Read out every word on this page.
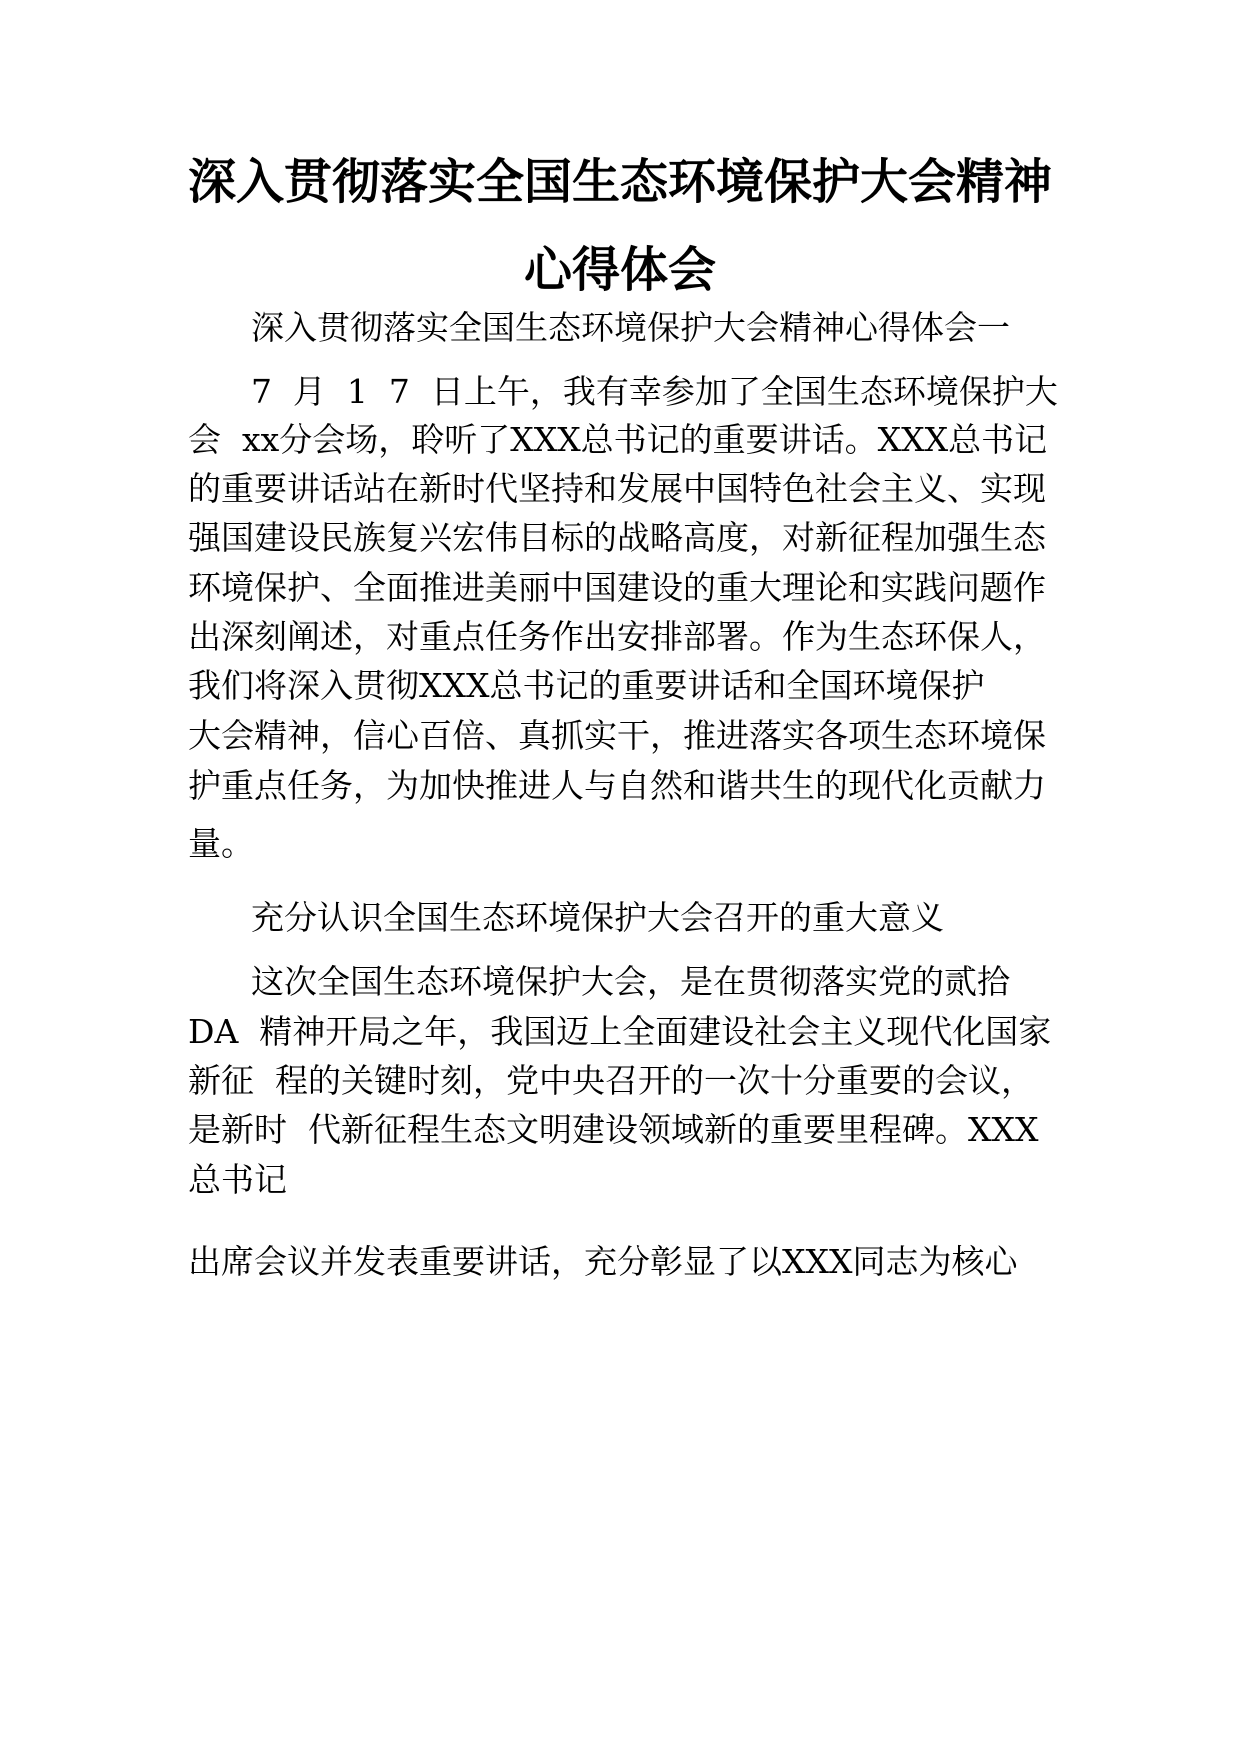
深入贯彻落实全国生态环境保护大会精神
心得体会

深入贯彻落实全国生态环境保护大会精神心得体会一

7  月  1  7  日上午，我有幸参加了全国生态环境保护大

会  xx分会场，聆听了XXX总书记的重要讲话。XXX总书记

的重要讲话站在新时代坚持和发展中国特色社会主义、实现

强国建设民族复兴宏伟目标的战略高度，对新征程加强生态

环境保护、全面推进美丽中国建设的重大理论和实践问题作

出深刻阐述，对重点任务作出安排部署。作为生态环保人，

我们将深入贯彻XXX总书记的重要讲话和全国环境保护

大会精神，信心百倍、真抓实干，推进落实各项生态环境保

护重点任务，为加快推进人与自然和谐共生的现代化贡献力

量。

充分认识全国生态环境保护大会召开的重大意义

这次全国生态环境保护大会，是在贯彻落实党的贰拾

DA  精神开局之年，我国迈上全面建设社会主义现代化国家

新征  程的关键时刻，党中央召开的一次十分重要的会议，

是新时  代新征程生态文明建设领域新的重要里程碑。XXX

总书记

出席会议并发表重要讲话，充分彰显了以XXX同志为核心
